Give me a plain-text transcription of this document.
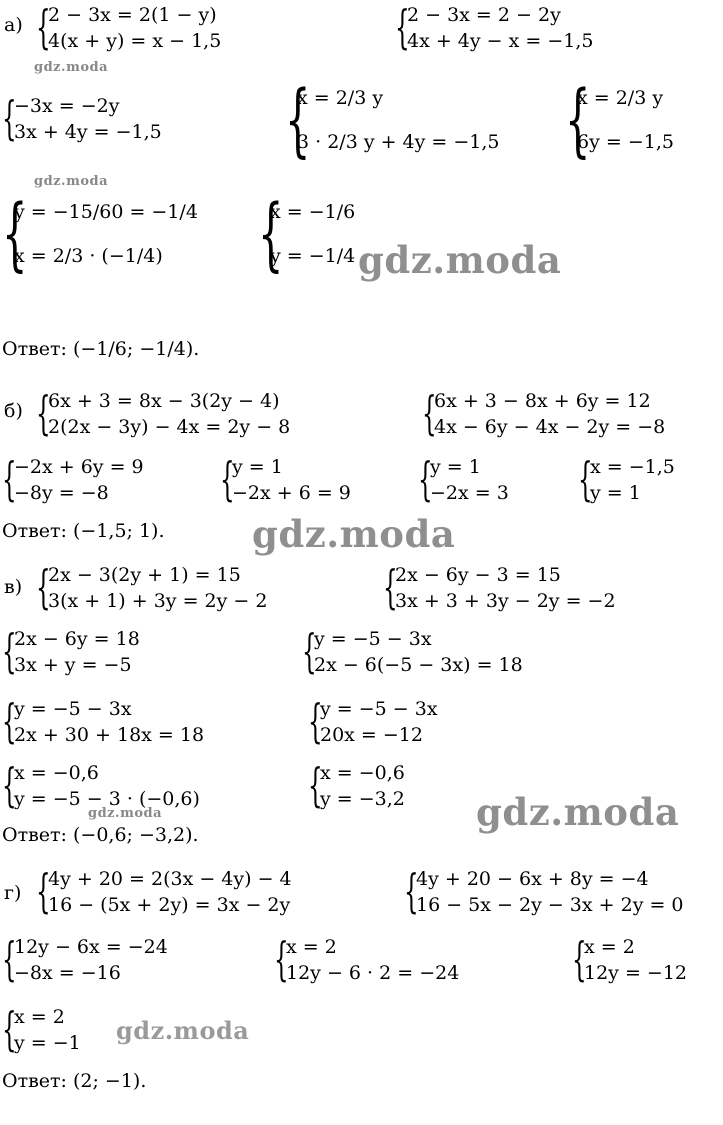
а) {
2 − 3x = 2(1 − y)
4(x + y) = x − 1,5	{
2 − 3x = 2 − 2y
4x + 4y − x = −1,5
gdz.moda
{
−3x = −2y
3x + 4y = −1,5 {
x = 2/3 y
3 · 2/3 y + 4y = −1,5 {
x = 2/3 y
6y = −1,5
gdz.moda
{
y = −15/60 = −1/4
x = 2/3 · (−1/4)	{
x = −1/6
y = −1/4 gdz.moda
Ответ: (−1/6; −1/4).
б) {
6x + 3 = 8x − 3(2y − 4)
2(2x − 3y) − 4x = 2y − 8	{
6x + 3 − 8x + 6y = 12
4x − 6y − 4x − 2y = −8
{
−2x + 6y = 9
−8y = −8	{
y = 1
−2x + 6 = 9 {
y = 1
−2x = 3 {
x = −1,5
y = 1
Ответ: (−1,5; 1). gdz.moda
в) {
2x − 3(2y + 1) = 15
3(x + 1) + 3y = 2y − 2	{
2x − 6y − 3 = 15
3x + 3 + 3y − 2y = −2
{
2x − 6y = 18
3x + y = −5	{
y = −5 − 3x
2x − 6(−5 − 3x) = 18
{
y = −5 − 3x
2x + 30 + 18x = 18 {
y = −5 − 3x
20x = −12
{
x = −0,6
y = −5 − 3 · (−0,6) {
x = −0,6
y = −3,2
gdz.moda	gdz.moda
Ответ: (−0,6; −3,2).
г) {
4y + 20 = 2(3x − 4y) − 4
16 − (5x + 2y) = 3x − 2y {
4y + 20 − 6x + 8y = −4
16 − 5x − 2y − 3x + 2y = 0
{
12y − 6x = −24
−8x = −16	{
x = 2
12y − 6 · 2 = −24 {
x = 2
12y = −12
{
x = 2
y = −1 gdz.moda
Ответ: (2; −1).
